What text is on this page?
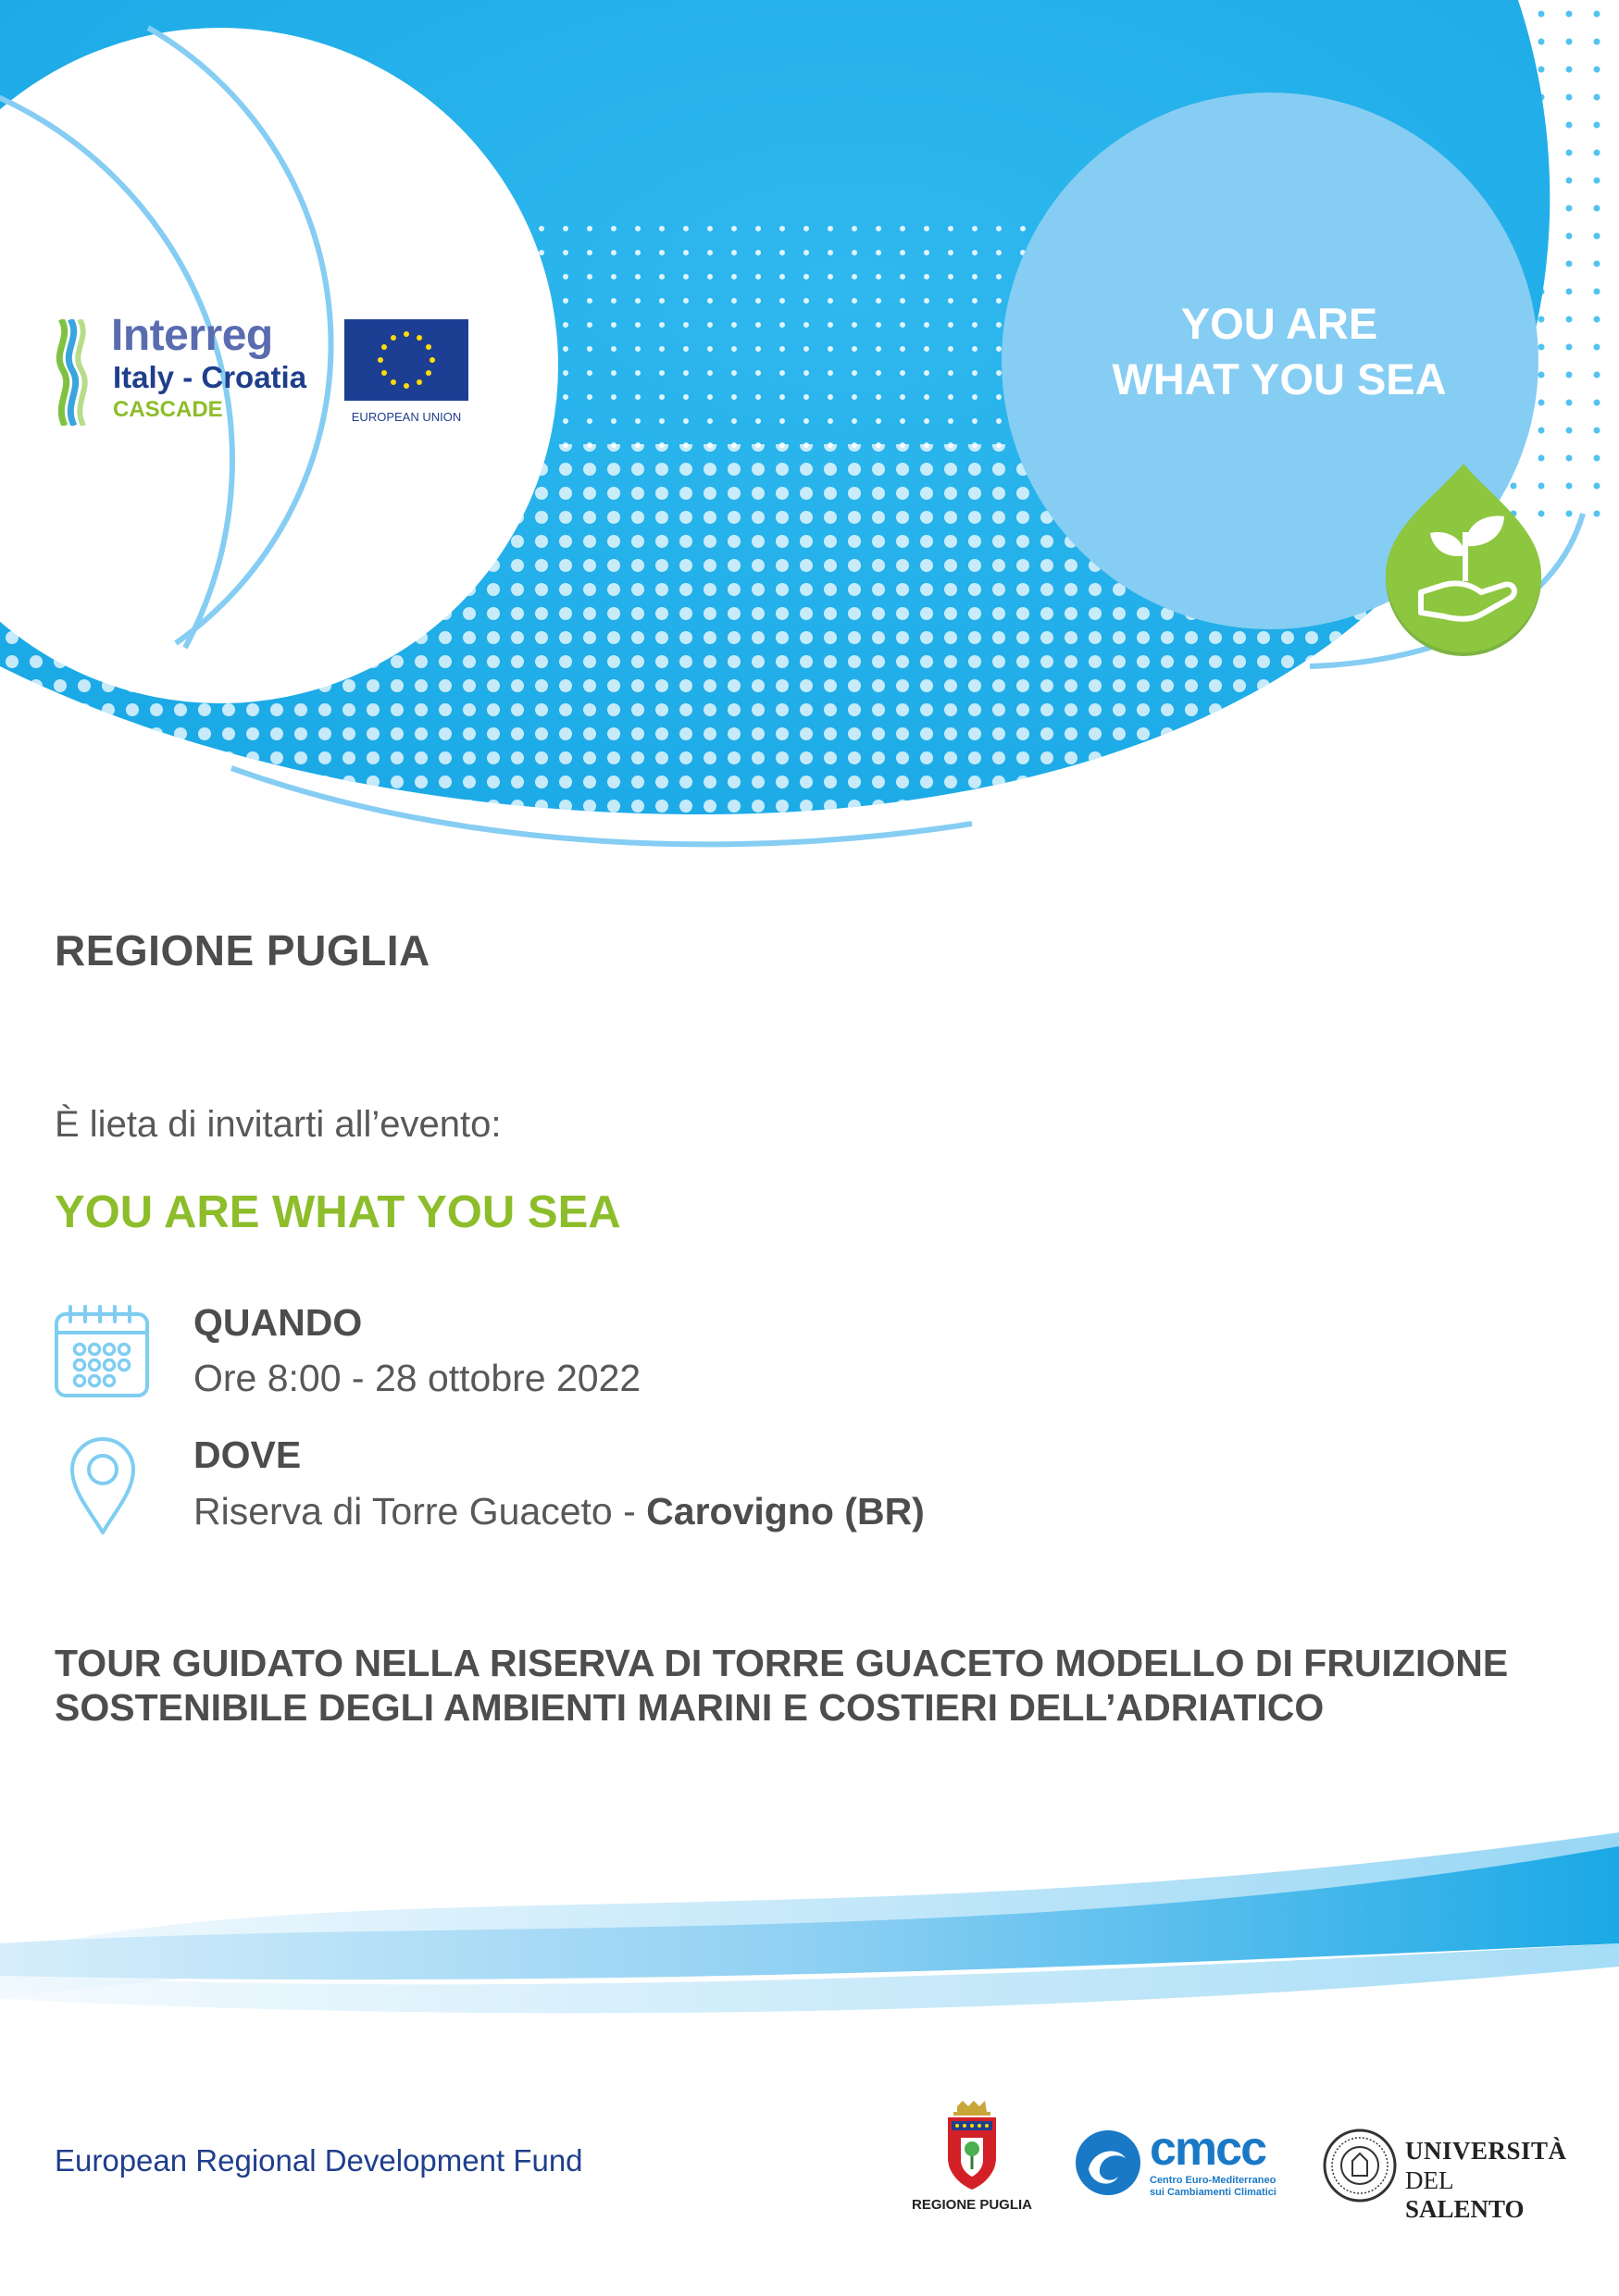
Interreg
Italy - Croatia
CASCADE	EUROPEAN UNION
YOU ARE
WHAT YOU SEA
REGIONE PUGLIA
È lieta di invitarti all’evento:
YOU ARE WHAT YOU SEA
QUANDO
Ore 8:00 - 28 ottobre 2022
DOVE
Riserva di Torre Guaceto - Carovigno (BR)
TOUR GUIDATO NELLA RISERVA DI TORRE GUACETO MODELLO DI FRUIZIONE
SOSTENIBILE DEGLI AMBIENTI MARINI E COSTIERI DELL’ADRIATICO
European Regional Development Fund
REGIONE PUGLIA
cmcc
Centro Euro-Mediterraneo
sui Cambiamenti Climatici
UNIVERSITÀ
DEL SALENTO
